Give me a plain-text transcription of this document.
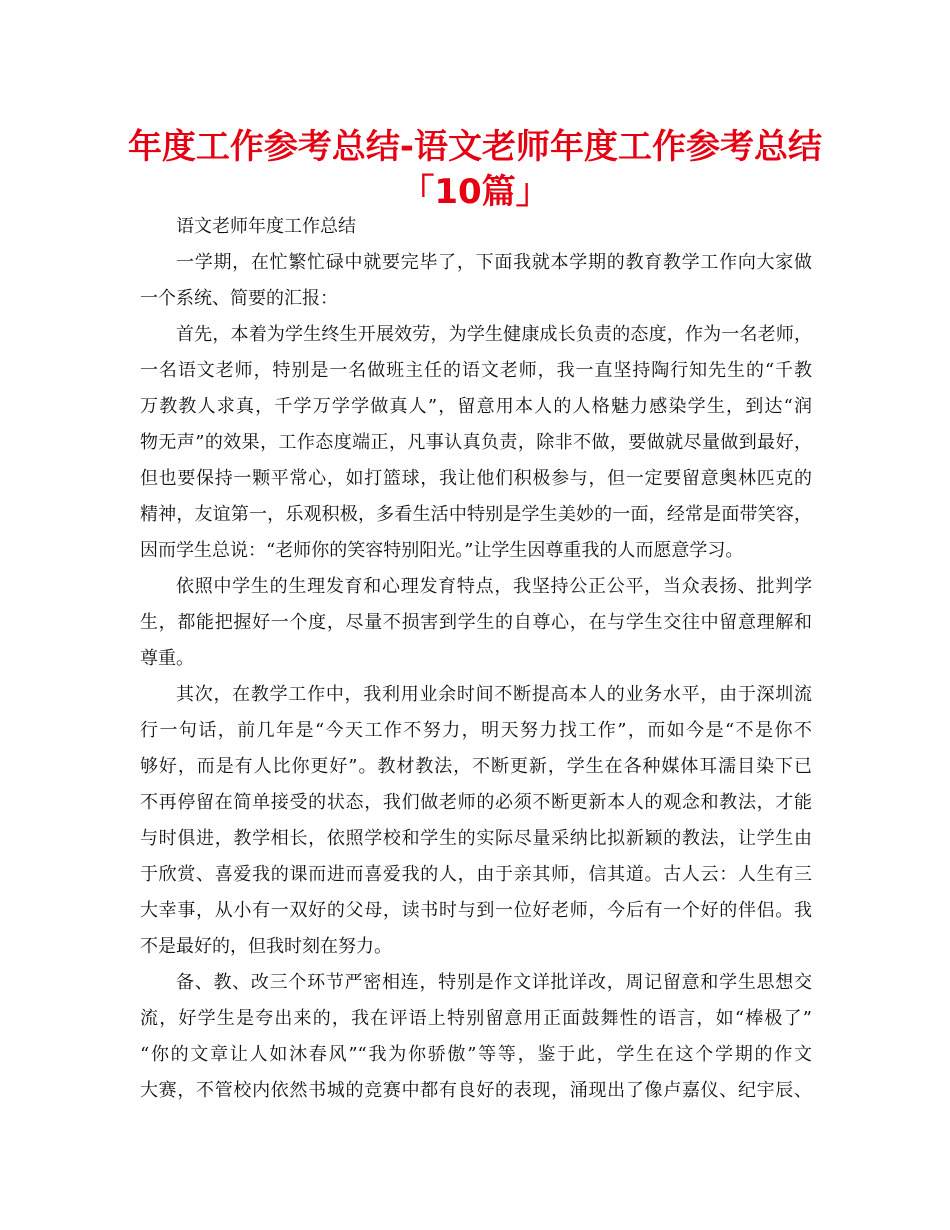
年度工作参考总结-语文老师年度工作参考总结
「10篇」
语文老师年度工作总结
一学期，在忙繁忙碌中就要完毕了，下面我就本学期的教育教学工作向大家做
一个系统、简要的汇报：
首先，本着为学生终生开展效劳，为学生健康成长负责的态度，作为一名老师，
一名语文老师，特别是一名做班主任的语文老师，我一直坚持陶行知先生的“千教
万教教人求真，千学万学学做真人”，留意用本人的人格魅力感染学生，到达“润
物无声”的效果，工作态度端正，凡事认真负责，除非不做，要做就尽量做到最好，
但也要保持一颗平常心，如打篮球，我让他们积极参与，但一定要留意奥林匹克的
精神，友谊第一，乐观积极，多看生活中特别是学生美妙的一面，经常是面带笑容，
因而学生总说：“老师你的笑容特别阳光。”让学生因尊重我的人而愿意学习。
依照中学生的生理发育和心理发育特点，我坚持公正公平，当众表扬、批判学
生，都能把握好一个度，尽量不损害到学生的自尊心，在与学生交往中留意理解和
尊重。
其次，在教学工作中，我利用业余时间不断提高本人的业务水平，由于深圳流
行一句话，前几年是“今天工作不努力，明天努力找工作”，而如今是“不是你不
够好，而是有人比你更好”。教材教法，不断更新，学生在各种媒体耳濡目染下已
不再停留在简单接受的状态，我们做老师的必须不断更新本人的观念和教法，才能
与时俱进，教学相长，依照学校和学生的实际尽量采纳比拟新颖的教法，让学生由
于欣赏、喜爱我的课而进而喜爱我的人，由于亲其师，信其道。古人云：人生有三
大幸事，从小有一双好的父母，读书时与到一位好老师，今后有一个好的伴侣。我
不是最好的，但我时刻在努力。
备、教、改三个环节严密相连，特别是作文详批详改，周记留意和学生思想交
流，好学生是夸出来的，我在评语上特别留意用正面鼓舞性的语言，如“棒极了”
“你的文章让人如沐春风”“我为你骄傲”等等，鉴于此，学生在这个学期的作文
大赛，不管校内依然书城的竞赛中都有良好的表现，涌现出了像卢嘉仪、纪宇辰、
